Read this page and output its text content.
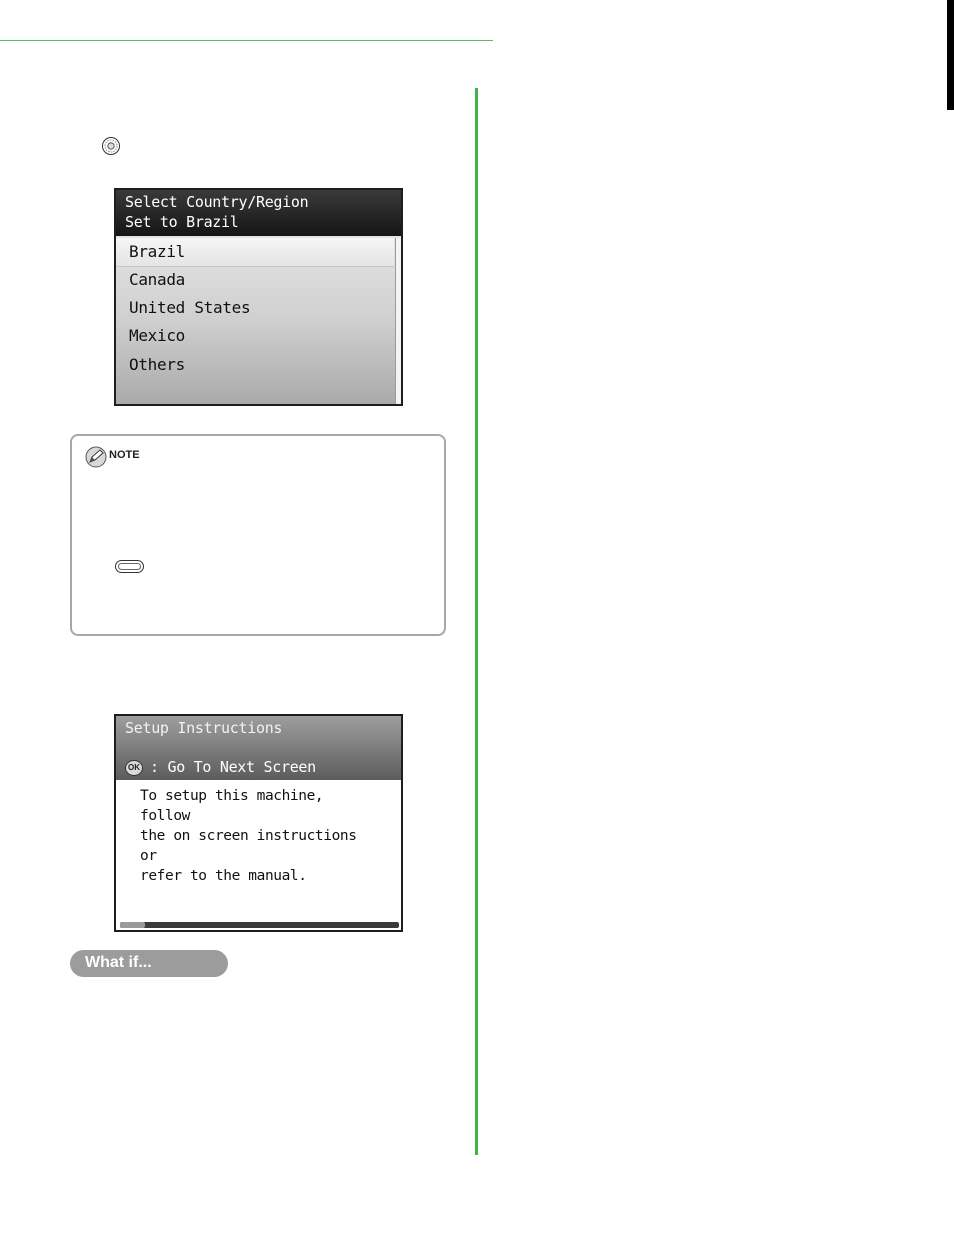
Select Country/Region
Set to Brazil
Brazil
Canada
United States
Mexico
Others
NOTE
Setup Instructions
OK : Go To Next Screen
To setup this machine, follow
the on screen instructions or
refer to the manual.
What if...
